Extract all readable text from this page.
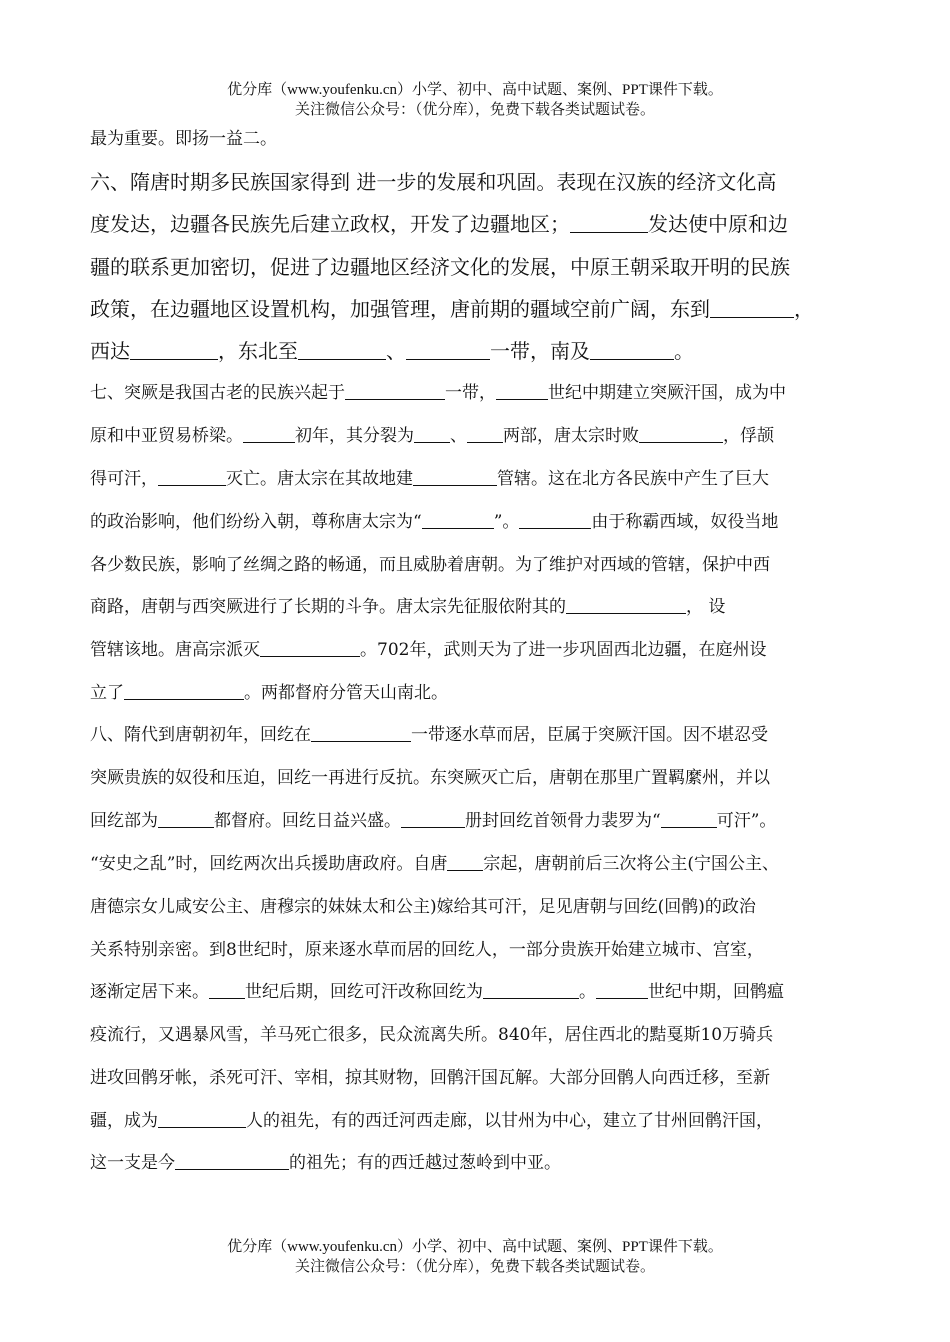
优分库（www.youfenku.cn）小学、初中、高中试题、案例、PPT课件下载。
关注微信公众号：（优分库），免费下载各类试题试卷。
最为重要。即扬一益二。
六、隋唐时期多民族国家得到 进一步的发展和巩固。表现在汉族的经济文化高
度发达，边疆各民族先后建立政权，开发了边疆地区；	发达使中原和边
疆的联系更加密切，促进了边疆地区经济文化的发展，中原王朝采取开明的民族
政策，在边疆地区设置机构，加强管理，唐前期的疆域空前广阔，东到	，
西达	，东北至	、	一带，南及	。
七、突厥是我国古老的民族兴起于	一带，	世纪中期建立突厥汗国，成为中
原和中亚贸易桥梁。	初年，其分裂为 、 两部，唐太宗时败	，俘颉
得可汗，	灭亡。唐太宗在其故地建	管辖。这在北方各民族中产生了巨大
的政治影响，他们纷纷入朝，尊称唐太宗为“	”。	由于称霸西域，奴役当地
各少数民族，影响了丝绸之路的畅通，而且威胁着唐朝。为了维护对西域的管辖，保护中西
商路，唐朝与西突厥进行了长期的斗争。唐太宗先征服依附其的	， 设
管辖该地。唐高宗派灭	。702年，武则天为了进一步巩固西北边疆，在庭州设
立了	。两都督府分管天山南北。
八、隋代到唐朝初年，回纥在	一带逐水草而居，臣属于突厥汗国。因不堪忍受
突厥贵族的奴役和压迫，回纥一再进行反抗。东突厥灭亡后，唐朝在那里广置羁縻州，并以
回纥部为	都督府。回纥日益兴盛。	册封回纥首领骨力裴罗为“	可汗”。
“安史之乱”时，回纥两次出兵援助唐政府。自唐 宗起，唐朝前后三次将公主(宁国公主、
唐德宗女儿咸安公主、唐穆宗的妹妹太和公主)嫁给其可汗，足见唐朝与回纥(回鹘)的政治
关系特别亲密。到8世纪时，原来逐水草而居的回纥人，一部分贵族开始建立城市、宫室，
逐渐定居下来。 世纪后期，回纥可汗改称回纥为	。	世纪中期，回鹘瘟
疫流行，又遇暴风雪，羊马死亡很多，民众流离失所。840年，居住西北的黠戛斯10万骑兵
进攻回鹘牙帐，杀死可汗、宰相，掠其财物，回鹘汗国瓦解。大部分回鹘人向西迁移，至新
疆，成为	人的祖先，有的西迁河西走廊，以甘州为中心，建立了甘州回鹘汗国，
这一支是今	的祖先；有的西迁越过葱岭到中亚。
优分库（www.youfenku.cn）小学、初中、高中试题、案例、PPT课件下载。
关注微信公众号：（优分库），免费下载各类试题试卷。
